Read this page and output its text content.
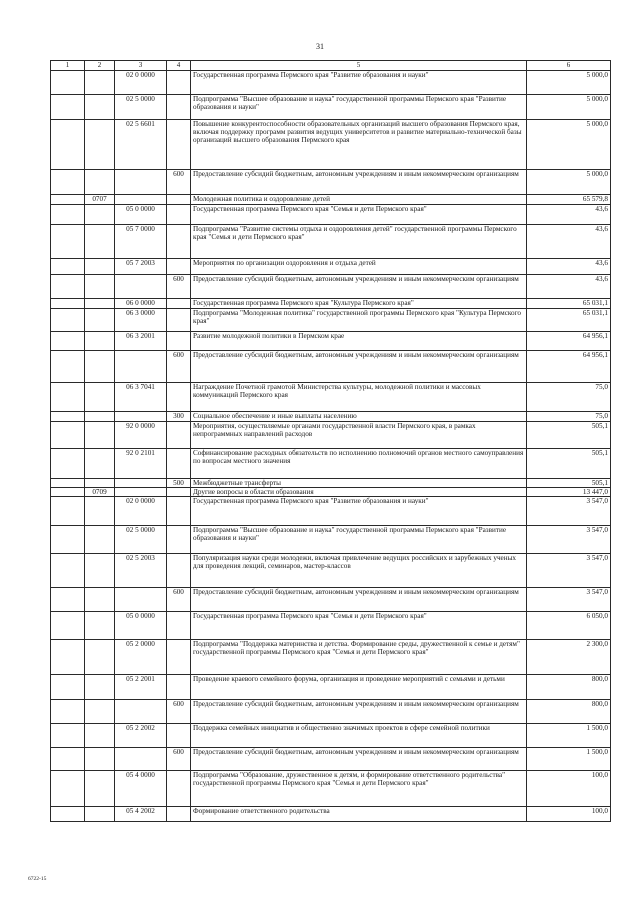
31
1	2	3	4	5	6
		02 0 0000		Государственная программа Пермского края "Развитие образования и науки"	5 000,0
		02 5 0000		Подпрограмма "Высшее образование и наука" государственной программы Пермского края "Развитие образования и науки"	5 000,0
		02 5 6601		Повышение конкурентоспособности образовательных организаций высшего образования Пермского края, включая поддержку программ развития ведущих университетов и развитие материально-технической базы организаций высшего образования Пермского края	5 000,0
			600	Предоставление субсидий бюджетным, автономным учреждениям и иным некоммерческим организациям	5 000,0
	0707			Молодежная политика и оздоровление детей	65 579,8
		05 0 0000		Государственная программа Пермского края "Семья и дети Пермского края"	43,6
		05 7 0000		Подпрограмма "Развитие системы отдыха и оздоровления детей" государственной программы Пермского края "Семья и дети Пермского края"	43,6
		05 7 2003		Мероприятия по организации оздоровления и отдыха детей	43,6
			600	Предоставление субсидий бюджетным, автономным учреждениям и иным некоммерческим организациям	43,6
		06 0 0000		Государственная программа Пермского края "Культура Пермского края"	65 031,1
		06 3 0000		Подпрограмма "Молодежная политика" государственной программы Пермского края "Культура Пермского края"	65 031,1
		06 3 2001		Развитие молодежной политики в Пермском крае	64 956,1
			600	Предоставление субсидий бюджетным, автономным учреждениям и иным некоммерческим организациям	64 956,1
		06 3 7041		Награждение Почетной грамотой Министерства культуры, молодежной политики и массовых коммуникаций Пермского края	75,0
			300	Социальное обеспечение и иные выплаты населению	75,0
		92 0 0000		Мероприятия, осуществляемые органами государственной власти Пермского края, в рамках непрограммных направлений расходов	505,1
		92 0 2101		Софинансирование расходных обязательств по исполнению полномочий органов местного самоуправления по вопросам местного значения	505,1
			500	Межбюджетные трансферты	505,1
	0709			Другие вопросы в области образования	13 447,0
		02 0 0000		Государственная программа Пермского края "Развитие образования и науки"	3 547,0
		02 5 0000		Подпрограмма "Высшее образование и наука" государственной программы Пермского края "Развитие образования и науки"	3 547,0
		02 5 2003		Популяризация науки среди молодежи, включая привлечение ведущих российских и зарубежных ученых для проведения лекций, семинаров, мастер-классов	3 547,0
			600	Предоставление субсидий бюджетным, автономным учреждениям и иным некоммерческим организациям	3 547,0
		05 0 0000		Государственная программа Пермского края "Семья и дети Пермского края"	6 050,0
		05 2 0000		Подпрограмма "Поддержка материнства и детства. Формирование среды, дружественной к семье и детям" государственной программы Пермского края "Семья и дети Пермского края"	2 300,0
		05 2 2001		Проведение краевого семейного форума, организация и проведение мероприятий с семьями и детьми	800,0
			600	Предоставление субсидий бюджетным, автономным учреждениям и иным некоммерческим организациям	800,0
		05 2 2002		Поддержка семейных инициатив и общественно значимых проектов в сфере семейной политики	1 500,0
			600	Предоставление субсидий бюджетным, автономным учреждениям и иным некоммерческим организациям	1 500,0
		05 4 0000		Подпрограмма "Образование, дружественное к детям, и формирование ответственного родительства" государственной программы Пермского края "Семья и дети Пермского края"	100,0
		05 4 2002		Формирование ответственного родительства	100,0
6722-15
